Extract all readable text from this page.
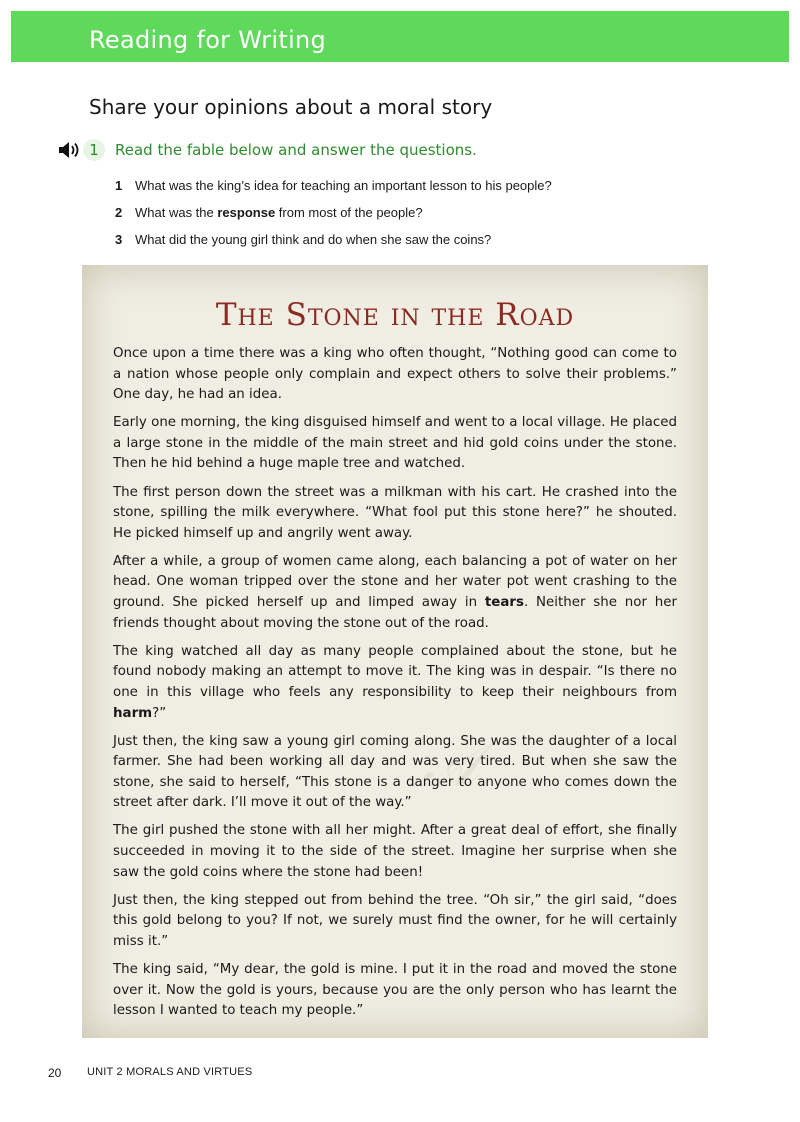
Reading for Writing
Share your opinions about a moral story
1	Read the fable below and answer the questions.
1 What was the king’s idea for teaching an important lesson to his people?
2 What was the response from most of the people?
3 What did the young girl think and do when she saw the coins?
𝒜
The Stone in the Road

Once upon a time there was a king who often thought, “Nothing good can come to a nation whose people only complain and expect others to solve their problems.” One day, he had an idea.

Early one morning, the king disguised himself and went to a local village. He placed a large stone in the middle of the main street and hid gold coins under the stone. Then he hid behind a huge maple tree and watched.

The first person down the street was a milkman with his cart. He crashed into the stone, spilling the milk everywhere. “What fool put this stone here?” he shouted. He picked himself up and angrily went away.

After a while, a group of women came along, each balancing a pot of water on her head. One woman tripped over the stone and her water pot went crashing to the ground. She picked herself up and limped away in tears. Neither she nor her friends thought about moving the stone out of the road.

The king watched all day as many people complained about the stone, but he found nobody making an attempt to move it. The king was in despair. “Is there no one in this village who feels any responsibility to keep their neighbours from harm?”

Just then, the king saw a young girl coming along. She was the daughter of a local farmer. She had been working all day and was very tired. But when she saw the stone, she said to herself, “This stone is a danger to anyone who comes down the street after dark. I’ll move it out of the way.”

The girl pushed the stone with all her might. After a great deal of effort, she finally succeeded in moving it to the side of the street. Imagine her surprise when she saw the gold coins where the stone had been!

Just then, the king stepped out from behind the tree. “Oh sir,” the girl said, “does this gold belong to you? If not, we surely must find the owner, for he will certainly miss it.”

The king said, “My dear, the gold is mine. I put it in the road and moved the stone over it. Now the gold is yours, because you are the only person who has learnt the lesson I wanted to teach my people.”

20 UNIT 2 MORALS AND VIRTUES
